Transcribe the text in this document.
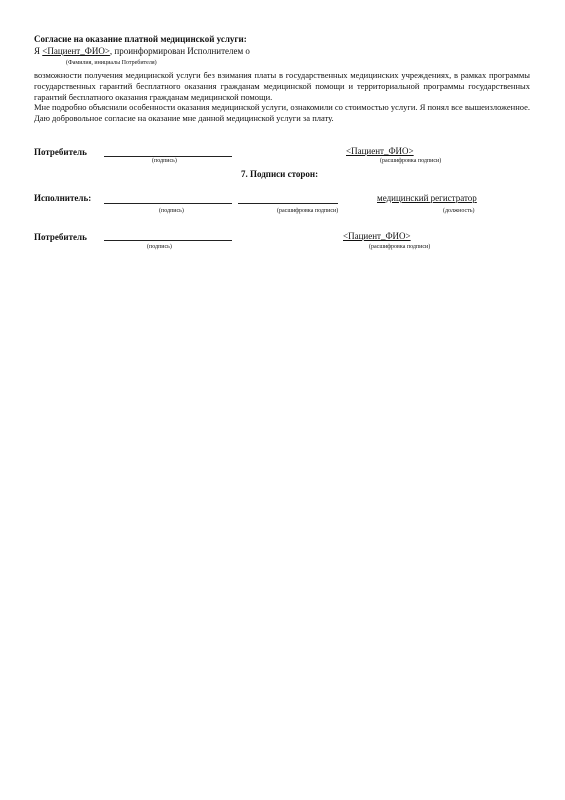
Согласие на оказание платной медицинской услуги:
Я <Пациент_ФИО>, проинформирован Исполнителем о
(Фамилия, инициалы Потребителя)

возможности получения медицинской услуги без взимания платы в государственных медицинских учреждениях, в рамках программы государственных гарантий бесплатного оказания гражданам медицинской помощи и территориальной программы государственных гарантий бесплатного оказания гражданам медицинской помощи.

Мне подробно объяснили особенности оказания медицинской услуги, ознакомили со стоимостью услуги. Я понял все вышеизложенное. Даю добровольное согласие на оказание мне данной медицинской услуги за плату.

Потребитель
(подпись)
<Пациент_ФИО>
(расшифровка подписи)
7. Подписи сторон:
Исполнитель:
(подпись)	(расшифровка подписи)
медицинский регистратор
(должность)
Потребитель
(подпись)
<Пациент_ФИО>
(расшифровка подписи)
